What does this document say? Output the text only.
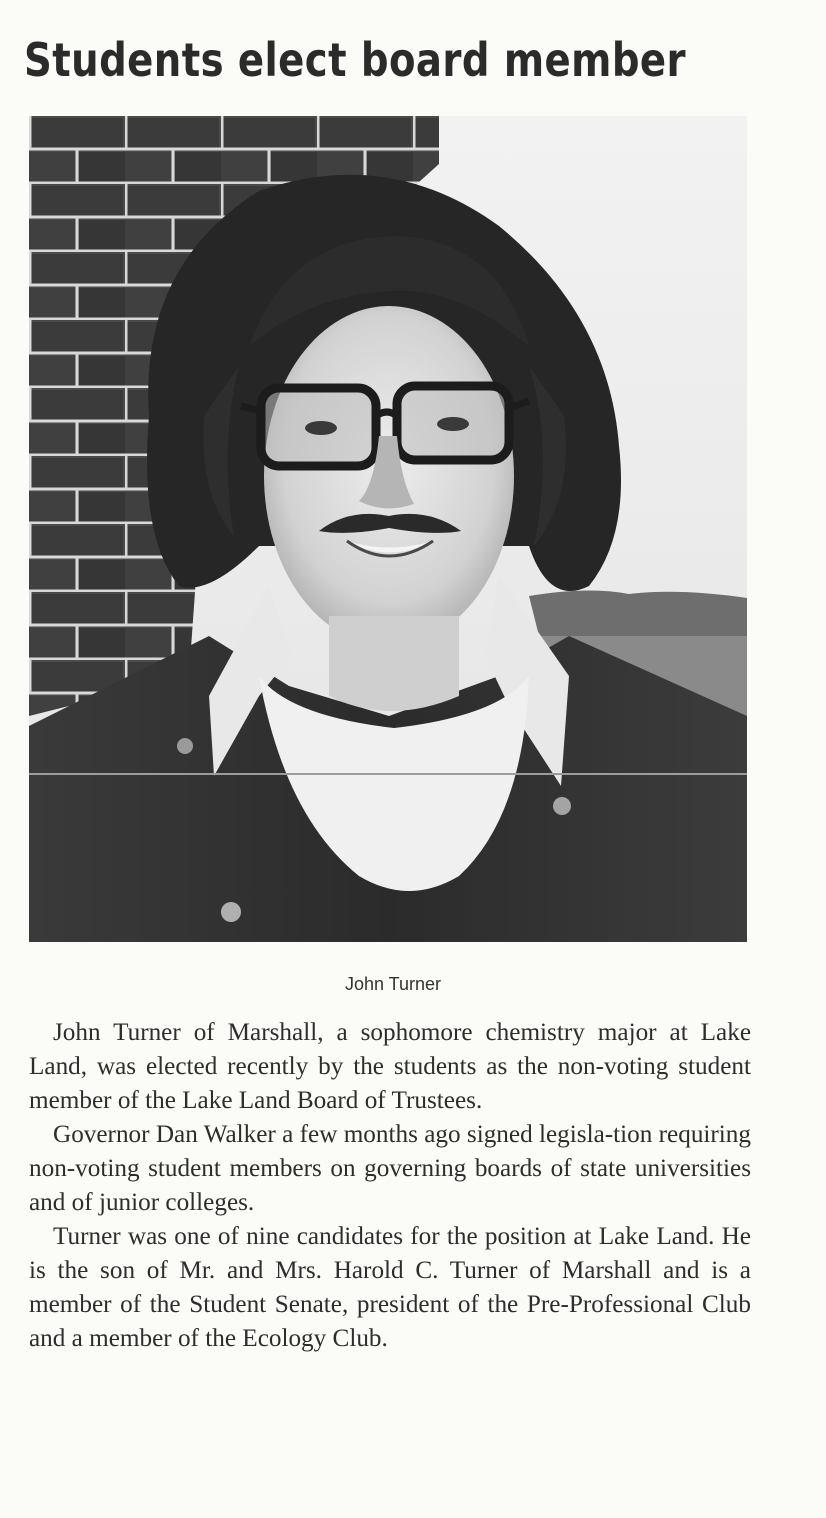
Students elect board member
John Turner

John Turner of Marshall, a sophomore chemistry major at Lake Land, was elected recently by the students as the non-voting student member of the Lake Land Board of Trustees.

Governor Dan Walker a few months ago signed legisla-tion requiring non-voting student members on governing boards of state universities and of junior colleges.

Turner was one of nine candidates for the position at Lake Land. He is the son of Mr. and Mrs. Harold C. Turner of Marshall and is a member of the Student Senate, president of the Pre-Professional Club and a member of the Ecology Club.
